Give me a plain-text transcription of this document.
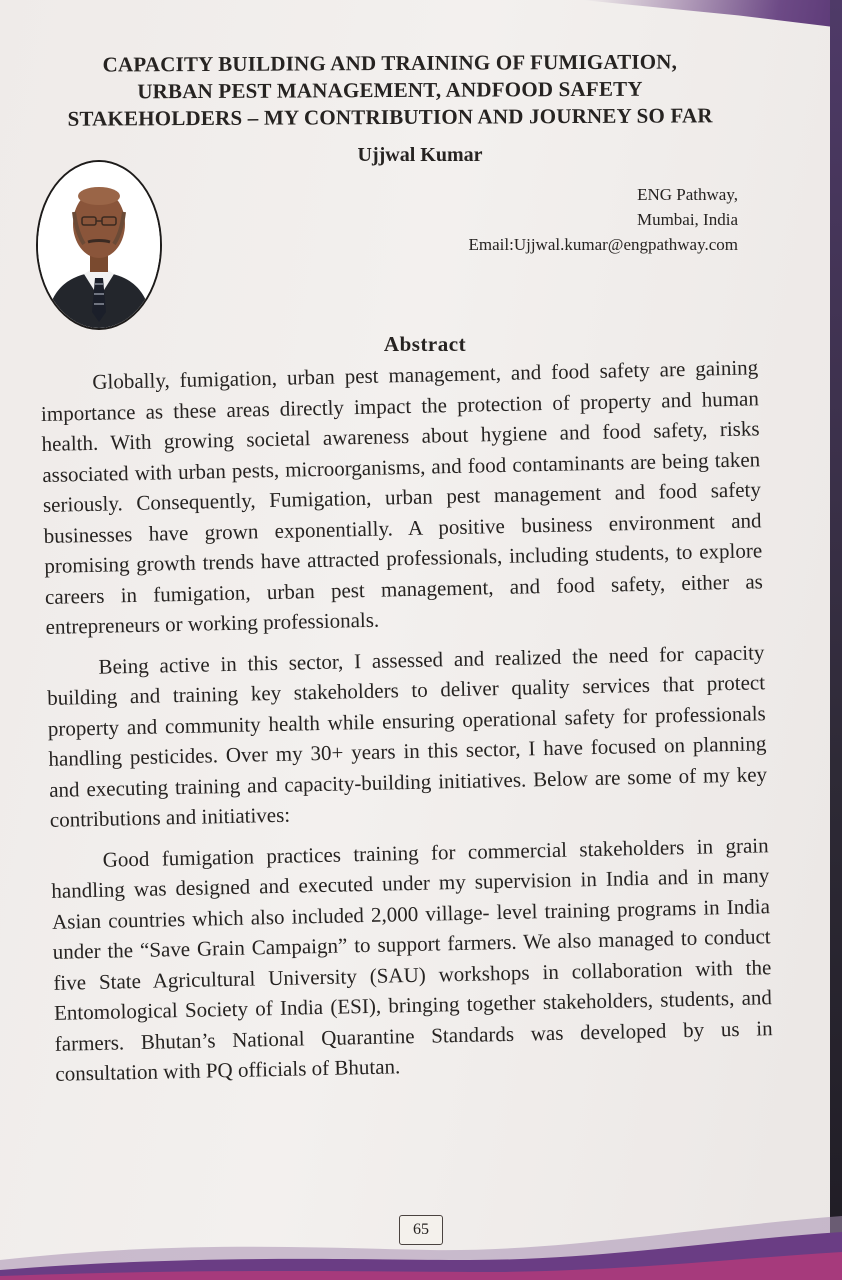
CAPACITY BUILDING AND TRAINING OF FUMIGATION,
URBAN PEST MANAGEMENT, ANDFOOD SAFETY
STAKEHOLDERS – MY CONTRIBUTION AND JOURNEY SO FAR
Ujjwal Kumar
ENG Pathway,
Mumbai, India
Email:Ujjwal.kumar@engpathway.com
Abstract

Globally, fumigation, urban pest management, and food safety are gaining importance as these areas directly impact the protection of property and human health. With growing societal awareness about hygiene and food safety, risks associated with urban pests, microorganisms, and food contaminants are being taken seriously. Consequently, Fumigation, urban pest management and food safety businesses have grown exponentially. A positive business environment and promising growth trends have attracted professionals, including students, to explore careers in fumigation, urban pest management, and food safety, either as entrepreneurs or working professionals.

Being active in this sector, I assessed and realized the need for capacity building and training key stakeholders to deliver quality services that protect property and community health while ensuring operational safety for professionals handling pesticides. Over my 30+ years in this sector, I have focused on planning and executing training and capacity-building initiatives. Below are some of my key contributions and initiatives:

Good fumigation practices training for commercial stakeholders in grain handling was designed and executed under my supervision in India and in many Asian countries which also included 2,000 village- level training programs in India under the “Save Grain Campaign” to support farmers. We also managed to conduct five State Agricultural University (SAU) workshops in collaboration with the Entomological Society of India (ESI), bringing together stakeholders, students, and farmers. Bhutan’s National Quarantine Standards was developed by us in consultation with PQ officials of Bhutan.

65
